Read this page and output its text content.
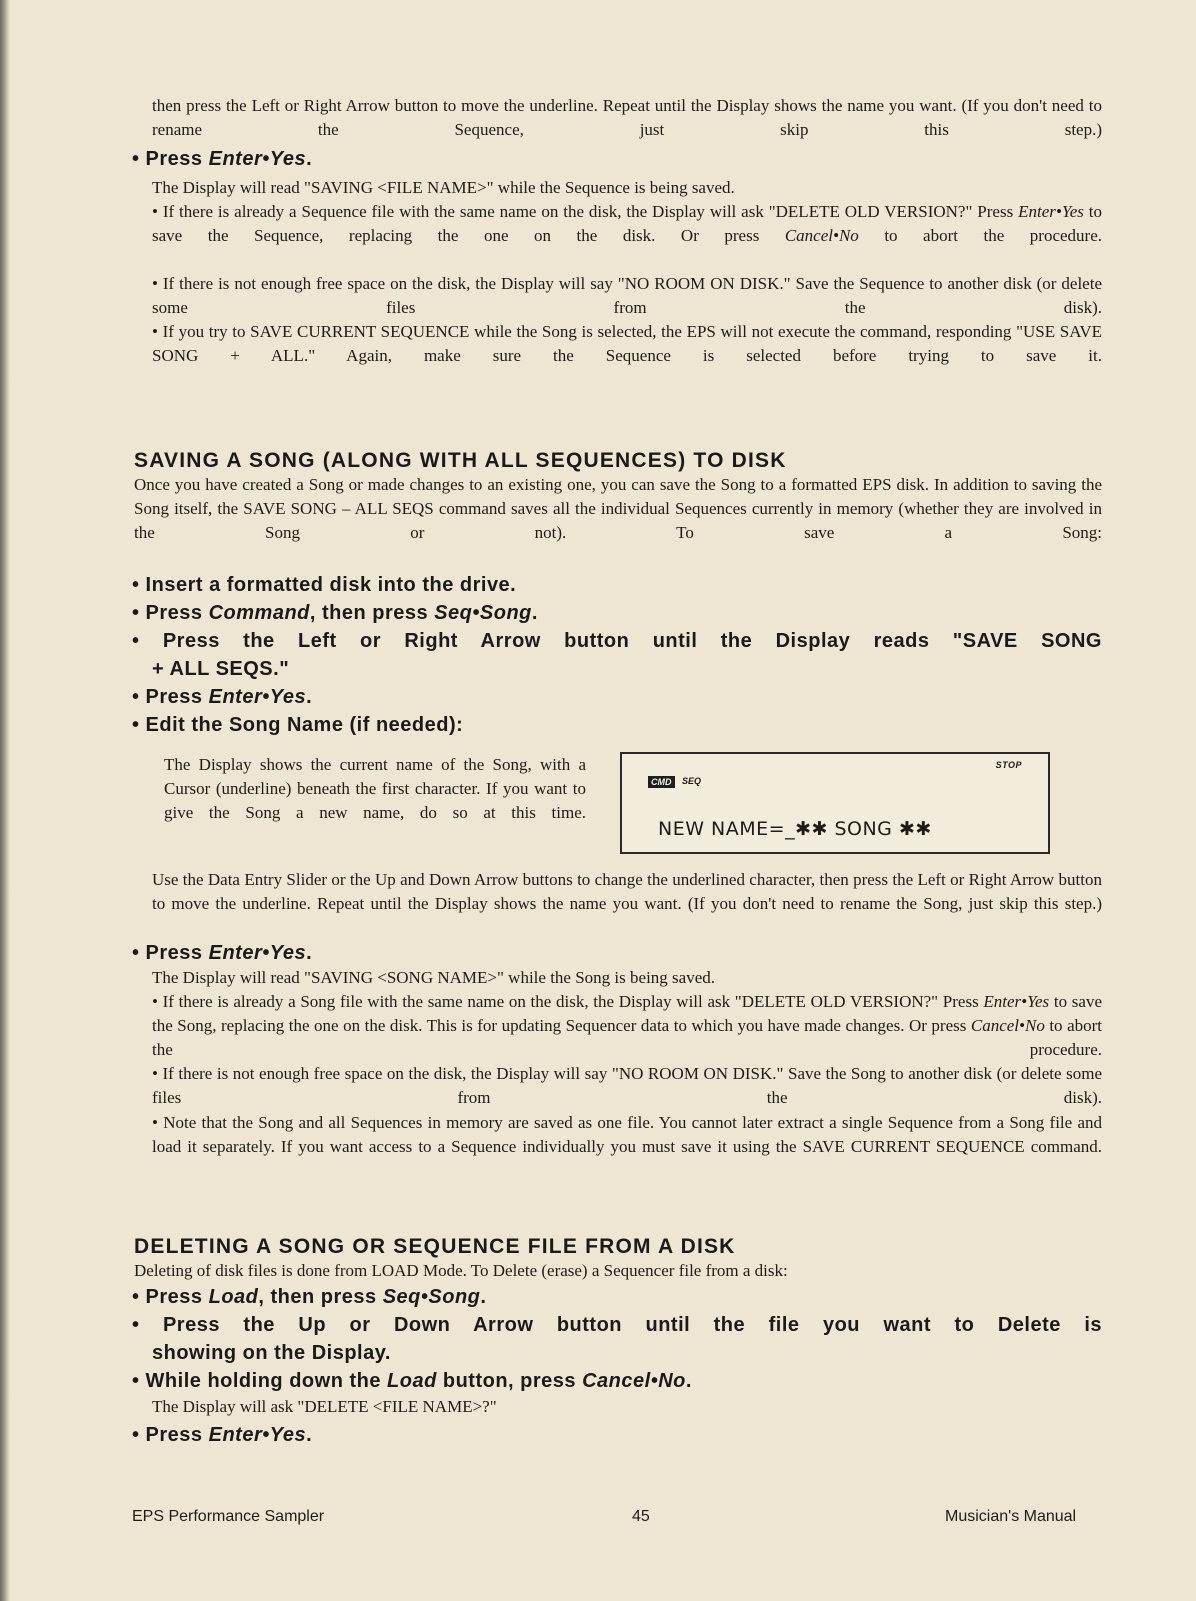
then press the Left or Right Arrow button to move the underline. Repeat until the Display shows the name you want. (If you don't need to rename the Sequence, just skip this step.)

• Press Enter•Yes.

The Display will read "SAVING <FILE NAME>" while the Sequence is being saved.

• If there is already a Sequence file with the same name on the disk, the Display will ask "DELETE OLD VERSION?" Press Enter•Yes to save the Sequence, replacing the one on the disk. Or press Cancel•No to abort the procedure.

• If there is not enough free space on the disk, the Display will say "NO ROOM ON DISK." Save the Sequence to another disk (or delete some files from the disk).

• If you try to SAVE CURRENT SEQUENCE while the Song is selected, the EPS will not execute the command, responding "USE SAVE SONG + ALL." Again, make sure the Sequence is selected before trying to save it.

SAVING A SONG (ALONG WITH ALL SEQUENCES) TO DISK

Once you have created a Song or made changes to an existing one, you can save the Song to a formatted EPS disk. In addition to saving the Song itself, the SAVE SONG – ALL SEQS command saves all the individual Sequences currently in memory (whether they are involved in the Song or not). To save a Song:

• Insert a formatted disk into the drive.

• Press Command, then press Seq•Song.

• Press the Left or Right Arrow button until the Display reads "SAVE SONG
+ ALL SEQS."

• Press Enter•Yes.

• Edit the Song Name (if needed):

The Display shows the current name of the Song, with a Cursor (underline) beneath the first character. If you want to give the Song a new name, do so at this time.

STOP
CMD	SEQ
NEW NAME=_✱✱ SONG ✱✱

Use the Data Entry Slider or the Up and Down Arrow buttons to change the underlined character, then press the Left or Right Arrow button to move the underline. Repeat until the Display shows the name you want. (If you don't need to rename the Song, just skip this step.)

• Press Enter•Yes.

The Display will read "SAVING <SONG NAME>" while the Song is being saved.

• If there is already a Song file with the same name on the disk, the Display will ask "DELETE OLD VERSION?" Press Enter•Yes to save the Song, replacing the one on the disk. This is for updating Sequencer data to which you have made changes. Or press Cancel•No to abort the procedure.

• If there is not enough free space on the disk, the Display will say "NO ROOM ON DISK." Save the Song to another disk (or delete some files from the disk).

• Note that the Song and all Sequences in memory are saved as one file. You cannot later extract a single Sequence from a Song file and load it separately. If you want access to a Sequence individually you must save it using the SAVE CURRENT SEQUENCE command.

DELETING A SONG OR SEQUENCE FILE FROM A DISK

Deleting of disk files is done from LOAD Mode. To Delete (erase) a Sequencer file from a disk:

• Press Load, then press Seq•Song.

• Press the Up or Down Arrow button until the file you want to Delete is
showing on the Display.

• While holding down the Load button, press Cancel•No.

The Display will ask "DELETE <FILE NAME>?"

• Press Enter•Yes.

EPS Performance Sampler	45	Musician's Manual
